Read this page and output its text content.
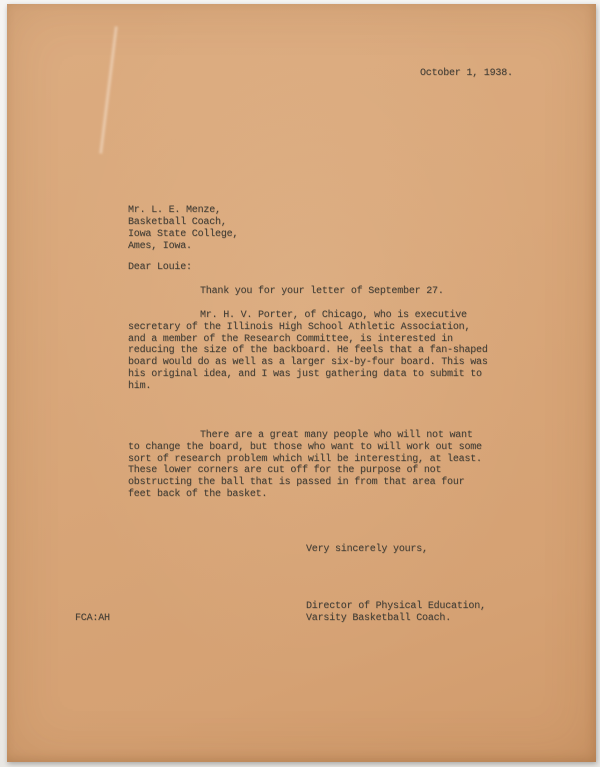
October 1, 1938.
Mr. L. E. Menze,
Basketball Coach,
Iowa State College,
Ames, Iowa.
Dear Louie:
Thank you for your letter of September 27.
Mr. H. V. Porter, of Chicago, who is executive secretary of the Illinois High School Athletic Association, and a member of the Research Committee, is interested in reducing the size of the backboard. He feels that a fan-shaped board would do as well as a larger six-by-four board. This was his original idea, and I was just gathering data to submit to him.
There are a great many people who will not want to change the board, but those who want to will work out some sort of research problem which will be interesting, at least. These lower corners are cut off for the purpose of not obstructing the ball that is passed in from that area four feet back of the basket.
Very sincerely yours,
Director of Physical Education,
Varsity Basketball Coach.
FCA:AH
